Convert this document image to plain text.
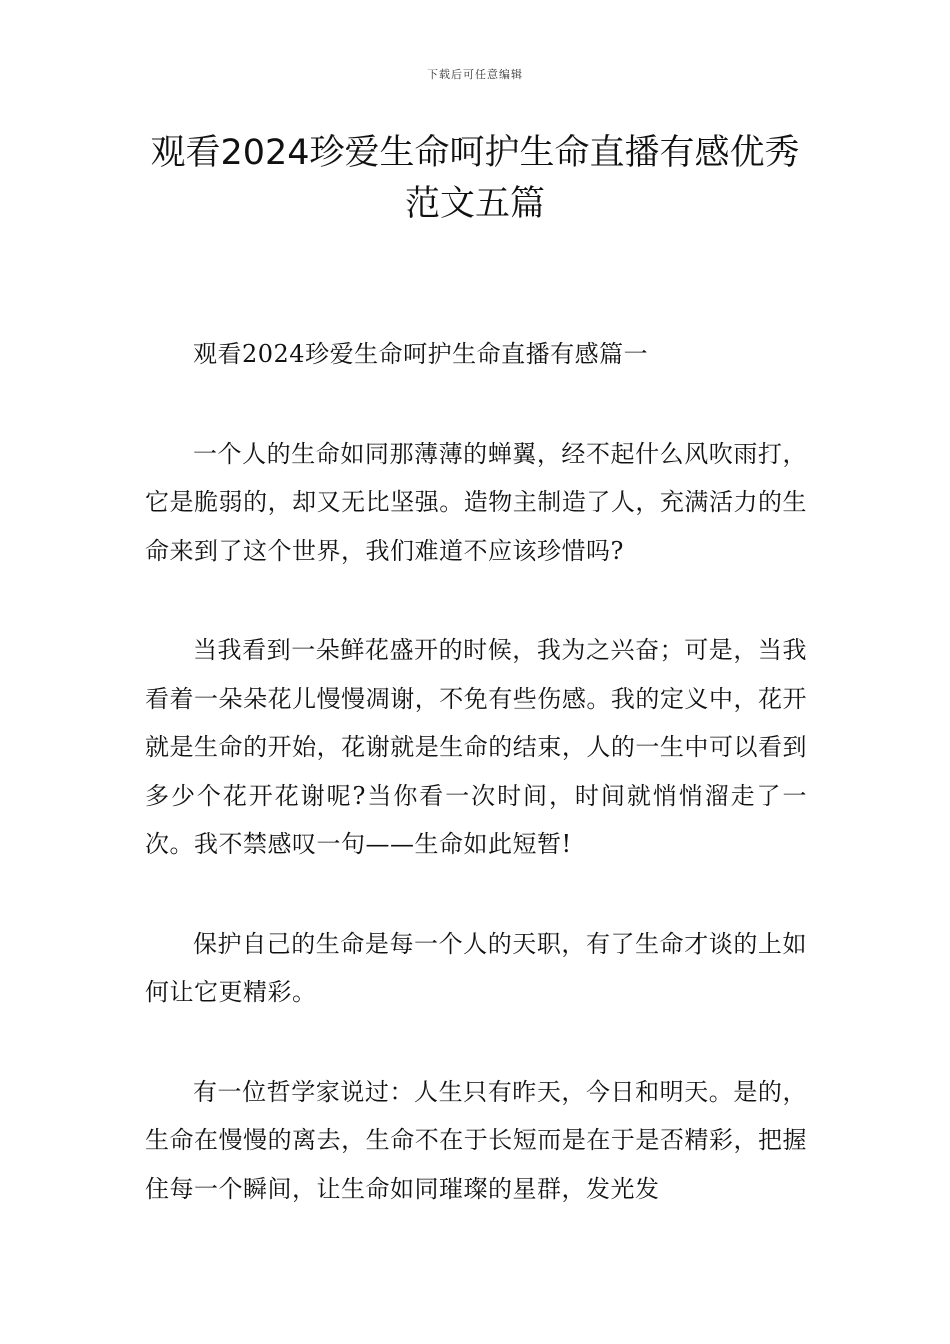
下载后可任意编辑
观看2024珍爱生命呵护生命直播有感优秀范文五篇

观看2024珍爱生命呵护生命直播有感篇一

一个人的生命如同那薄薄的蝉翼，经不起什么风吹雨打，它是脆弱的，却又无比坚强。造物主制造了人，充满活力的生命来到了这个世界，我们难道不应该珍惜吗?

当我看到一朵鲜花盛开的时候，我为之兴奋；可是，当我看着一朵朵花儿慢慢凋谢，不免有些伤感。我的定义中，花开就是生命的开始，花谢就是生命的结束，人的一生中可以看到多少个花开花谢呢?当你看一次时间，时间就悄悄溜走了一次。我不禁感叹一句——生命如此短暂!

保护自己的生命是每一个人的天职，有了生命才谈的上如何让它更精彩。

有一位哲学家说过：人生只有昨天，今日和明天。是的，生命在慢慢的离去，生命不在于长短而是在于是否精彩，把握住每一个瞬间，让生命如同璀璨的星群，发光发
